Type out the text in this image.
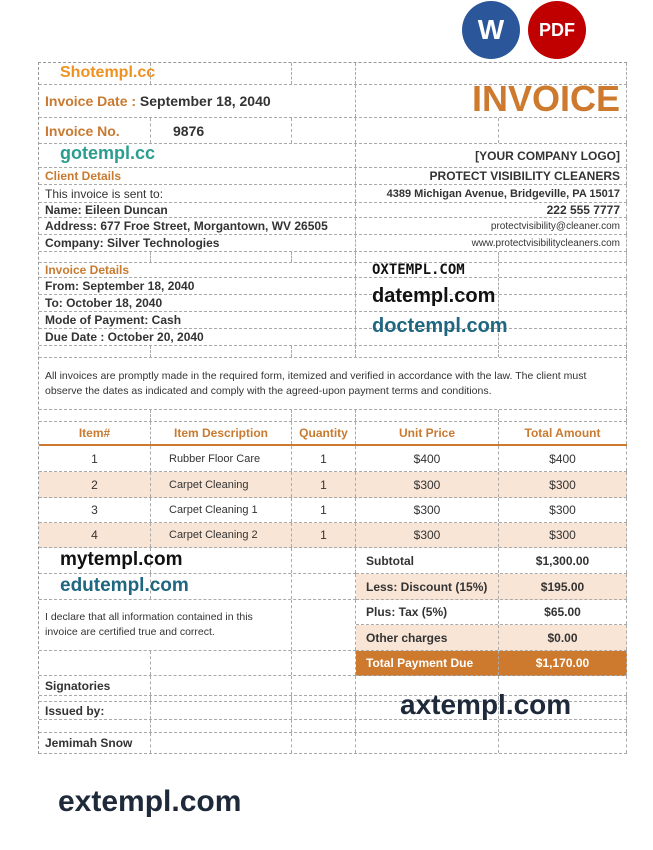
Invoice Date :
September 18, 2040	INVOICE
Invoice No.	9876
[YOUR COMPANY LOGO]
Client Details	PROTECT VISIBILITY CLEANERS
This invoice is sent to:	4389 Michigan Avenue, Bridgeville, PA 15017
Name: Eileen Duncan	222 555 7777
Address: 677 Froe Street, Morgantown, WV 26505	protectvisibility@cleaner.com
Company: Silver Technologies	www.protectvisibilitycleaners.com
Invoice Details
From: September 18, 2040
To: October 18, 2040
Mode of Payment: Cash
Due Date : October 20, 2040
All invoices are promptly made in the required form, itemized and verified in accordance with the law. The client must observe the dates as indicated and comply with the agreed-upon payment terms and conditions.
Item#	Item Description	Quantity	Unit Price	Total Amount
1	Rubber Floor Care	1	$400	$400
2	Carpet Cleaning	1	$300	$300
3	Carpet Cleaning 1	1	$300	$300
4	Carpet Cleaning 2	1	$300	$300
I declare that all information contained in this invoice are certified true and correct.
Subtotal	$1,300.00
Less: Discount (15%)	$195.00
Plus: Tax (5%)	$65.00
Other charges	$0.00
Total Payment Due	$1,170.00
Signatories
Issued by:
Jemimah Snow
W	PDF
gotempl.cc
Shotempl.cc
OXTEMPL.COM
datempl.com
mytempl.com
doctempl.com
edutempl.com
axtempl.com
extempl.com
